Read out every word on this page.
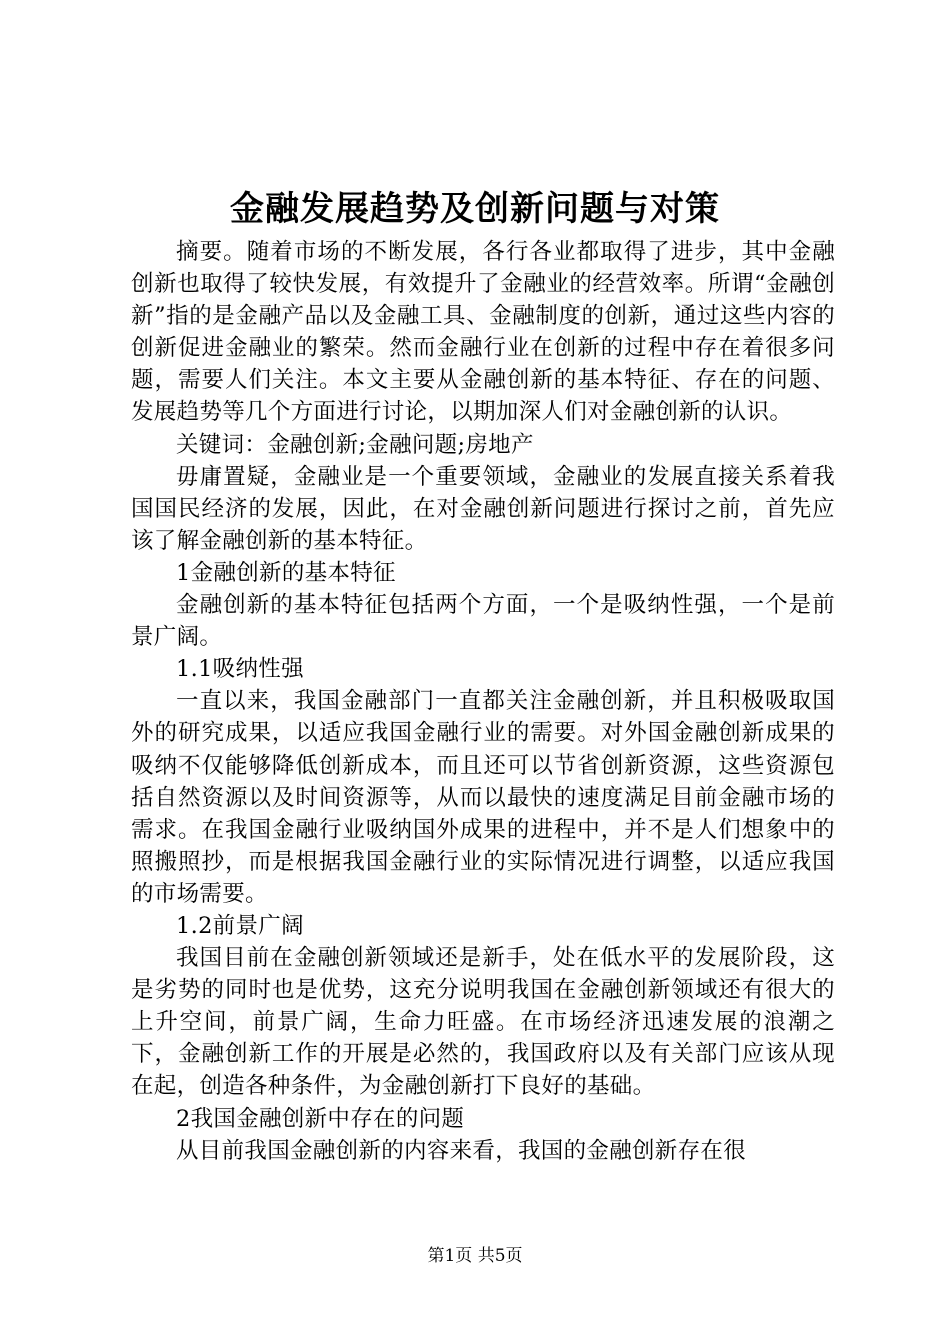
金融发展趋势及创新问题与对策

摘要。随着市场的不断发展，各行各业都取得了进步，其中金融创新也取得了较快发展，有效提升了金融业的经营效率。所谓“金融创新”指的是金融产品以及金融工具、金融制度的创新，通过这些内容的创新促进金融业的繁荣。然而金融行业在创新的过程中存在着很多问题，需要人们关注。本文主要从金融创新的基本特征、存在的问题、发展趋势等几个方面进行讨论，以期加深人们对金融创新的认识。

关键词：金融创新;金融问题;房地产

毋庸置疑，金融业是一个重要领域，金融业的发展直接关系着我国国民经济的发展，因此，在对金融创新问题进行探讨之前，首先应该了解金融创新的基本特征。

1金融创新的基本特征

金融创新的基本特征包括两个方面，一个是吸纳性强，一个是前景广阔。

1.1吸纳性强

一直以来，我国金融部门一直都关注金融创新，并且积极吸取国外的研究成果，以适应我国金融行业的需要。对外国金融创新成果的吸纳不仅能够降低创新成本，而且还可以节省创新资源，这些资源包括自然资源以及时间资源等，从而以最快的速度满足目前金融市场的需求。在我国金融行业吸纳国外成果的进程中，并不是人们想象中的照搬照抄，而是根据我国金融行业的实际情况进行调整，以适应我国的市场需要。

1.2前景广阔

我国目前在金融创新领域还是新手，处在低水平的发展阶段，这是劣势的同时也是优势，这充分说明我国在金融创新领域还有很大的上升空间，前景广阔，生命力旺盛。在市场经济迅速发展的浪潮之下，金融创新工作的开展是必然的，我国政府以及有关部门应该从现在起，创造各种条件，为金融创新打下良好的基础。

2我国金融创新中存在的问题

从目前我国金融创新的内容来看，我国的金融创新存在很

第1页 共5页
